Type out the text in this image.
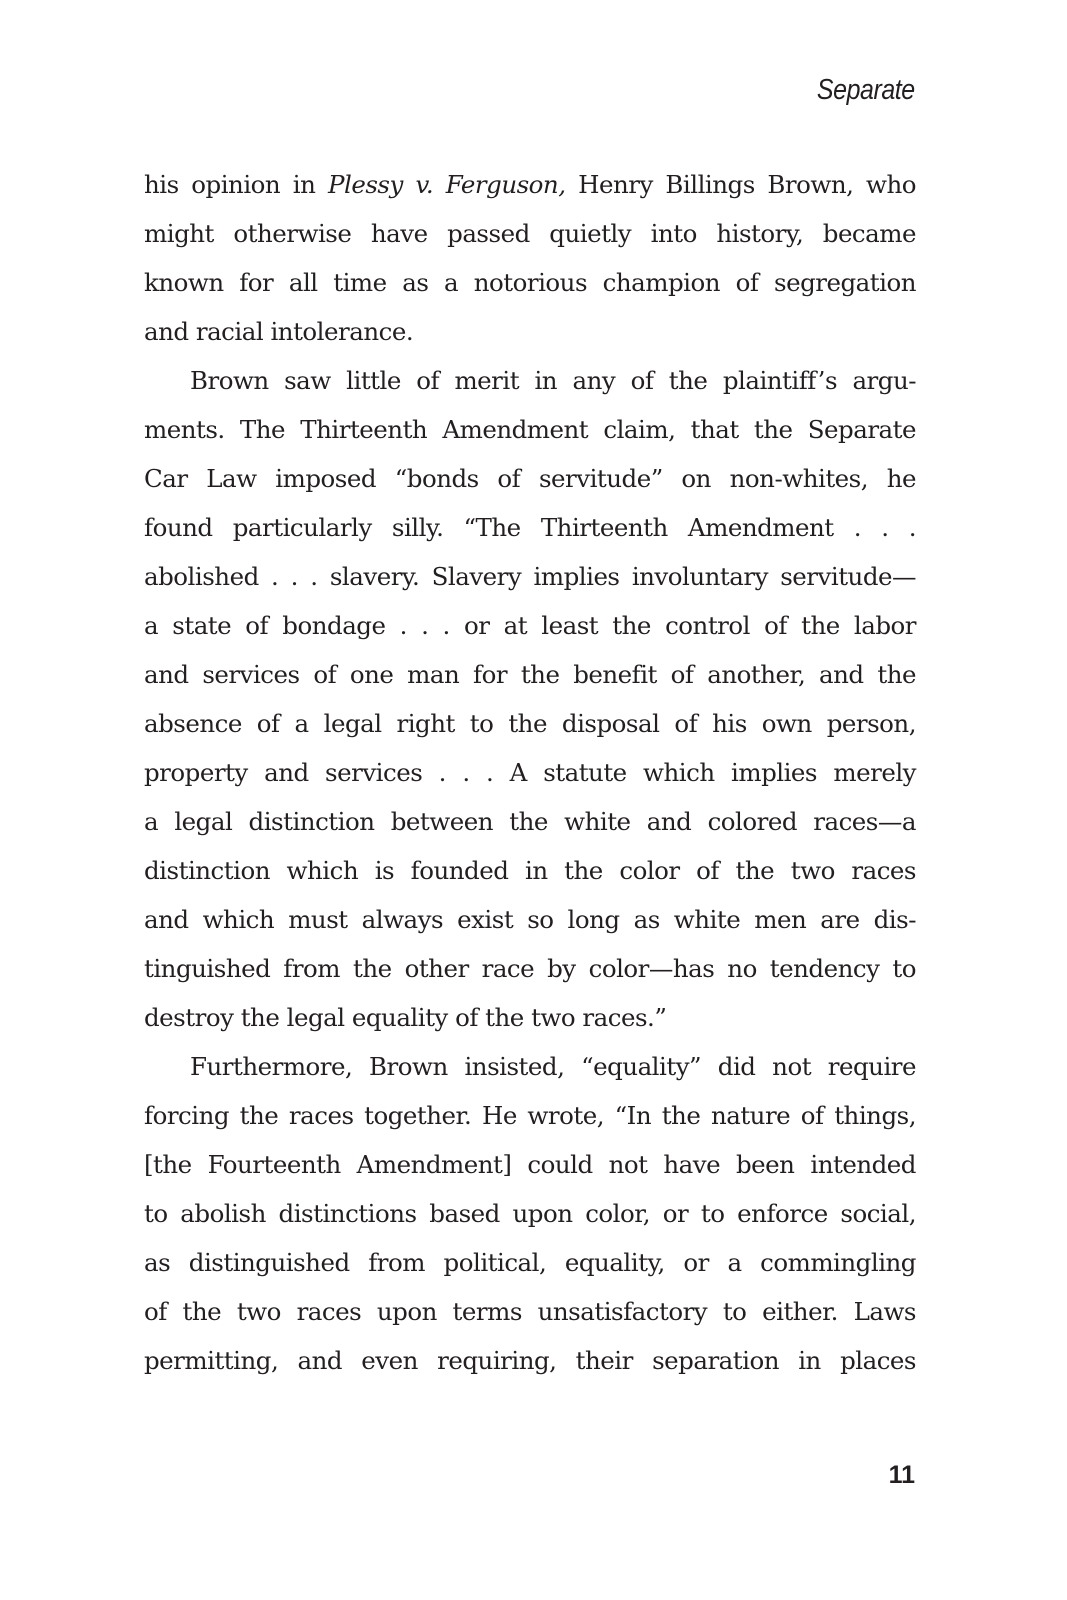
Separate
his opinion in Plessy v. Ferguson, Henry Billings Brown, who
might otherwise have passed quietly into history, became
known for all time as a notorious champion of segregation
and racial intolerance.
Brown saw little of merit in any of the plaintiff’s argu-
ments. The Thirteenth Amendment claim, that the Separate
Car Law imposed “bonds of servitude” on non-whites, he
found particularly silly. “The Thirteenth Amendment . . .
abolished . . . slavery. Slavery implies involuntary servitude—
a state of bondage . . . or at least the control of the labor
and services of one man for the benefit of another, and the
absence of a legal right to the disposal of his own person,
property and services . . . A statute which implies merely
a legal distinction between the white and colored races—a
distinction which is founded in the color of the two races
and which must always exist so long as white men are dis-
tinguished from the other race by color—has no tendency to
destroy the legal equality of the two races.”
Furthermore, Brown insisted, “equality” did not require
forcing the races together. He wrote, “In the nature of things,
[the Fourteenth Amendment] could not have been intended
to abolish distinctions based upon color, or to enforce social,
as distinguished from political, equality, or a commingling
of the two races upon terms unsatisfactory to either. Laws
permitting, and even requiring, their separation in places
11
